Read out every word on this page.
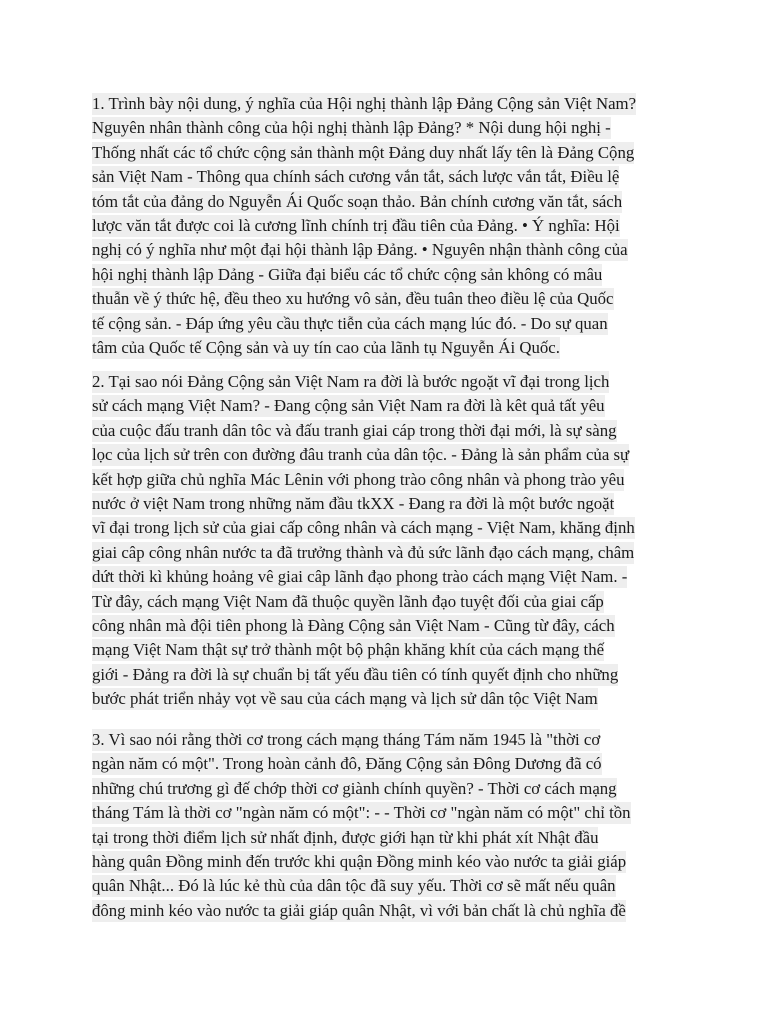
1. Trình bày nội dung, ý nghĩa của Hội nghị thành lập Đảng Cộng sản Việt Nam?
Nguyên nhân thành công của hội nghị thành lập Đảng? * Nội dung hội nghị -
Thống nhất các tổ chức cộng sản thành một Đảng duy nhất lấy tên là Đảng Cộng
sản Việt Nam - Thông qua chính sách cương vắn tắt, sách lược vắn tắt, Điều lệ
tóm tắt của đảng do Nguyễn Ái Quốc soạn thảo. Bản chính cương văn tắt, sách
lược văn tắt được coi là cương lĩnh chính trị đầu tiên của Đảng. • Ý nghĩa: Hội
nghị có ý nghĩa như một đại hội thành lập Đảng. • Nguyên nhận thành công của
hội nghị thành lập Dảng - Giữa đại biểu các tổ chức cộng sản không có mâu
thuẫn về ý thức hệ, đều theo xu hướng vô sản, đều tuân theo điều lệ của Quốc
tế cộng sản. - Đáp ứng yêu cầu thực tiễn của cách mạng lúc đó. - Do sự quan
tâm của Quốc tế Cộng sản và uy tín cao của lãnh tụ Nguyễn Ái Quốc.
2. Tại sao nói Đảng Cộng sản Việt Nam ra đời là bước ngoặt vĩ đại trong lịch
sử cách mạng Việt Nam? - Đang cộng sản Việt Nam ra đời là kêt quả tất yêu
của cuộc đấu tranh dân tôc và đấu tranh giai cáp trong thời đại mới, là sự sàng
lọc của lịch sử trên con đường đâu tranh của dân tộc. - Đảng là sản phẩm của sự
kết hợp giữa chủ nghĩa Mác Lênin với phong trào công nhân và phong trào yêu
nước ở việt Nam trong những năm đầu tkXX - Đang ra đời là một bước ngoặt
vĩ đại trong lịch sử của giai cấp công nhân và cách mạng - Việt Nam, khăng định
giai câp công nhân nước ta đã trưởng thành và đủ sức lãnh đạo cách mạng, châm
dứt thời kì khủng hoảng vê giai câp lãnh đạo phong trào cách mạng Việt Nam. -
Từ đây, cách mạng Việt Nam đã thuộc quyền lãnh đạo tuyệt đối của giai cấp
công nhân mà đội tiên phong là Đàng Cộng sản Việt Nam - Cũng từ đây, cách
mạng Việt Nam thật sự trở thành một bộ phận khăng khít của cách mạng thế
giới - Đảng ra đời là sự chuẩn bị tất yếu đầu tiên có tính quyết định cho những
bước phát triển nhảy vọt về sau của cách mạng và lịch sử dân tộc Việt Nam
3. Vì sao nói rằng thời cơ trong cách mạng tháng Tám năm 1945 là "thời cơ
ngàn năm có một". Trong hoàn cảnh đô, Đăng Cộng sản Đông Dương đã có
những chú trương gì đế chớp thời cơ giành chính quyền? - Thời cơ cách mạng
tháng Tám là thời cơ "ngàn năm có một": - - Thời cơ "ngàn năm có một" chỉ tồn
tại trong thời điểm lịch sử nhất định, được giới hạn từ khi phát xít Nhật đầu
hàng quân Đồng minh đến trước khi quận Đồng minh kéo vào nước ta giải giáp
quân Nhật... Đó là lúc kẻ thù của dân tộc đã suy yếu. Thời cơ sẽ mất nếu quân
đông minh kéo vào nước ta giải giáp quân Nhật, vì với bản chất là chủ nghĩa đề
